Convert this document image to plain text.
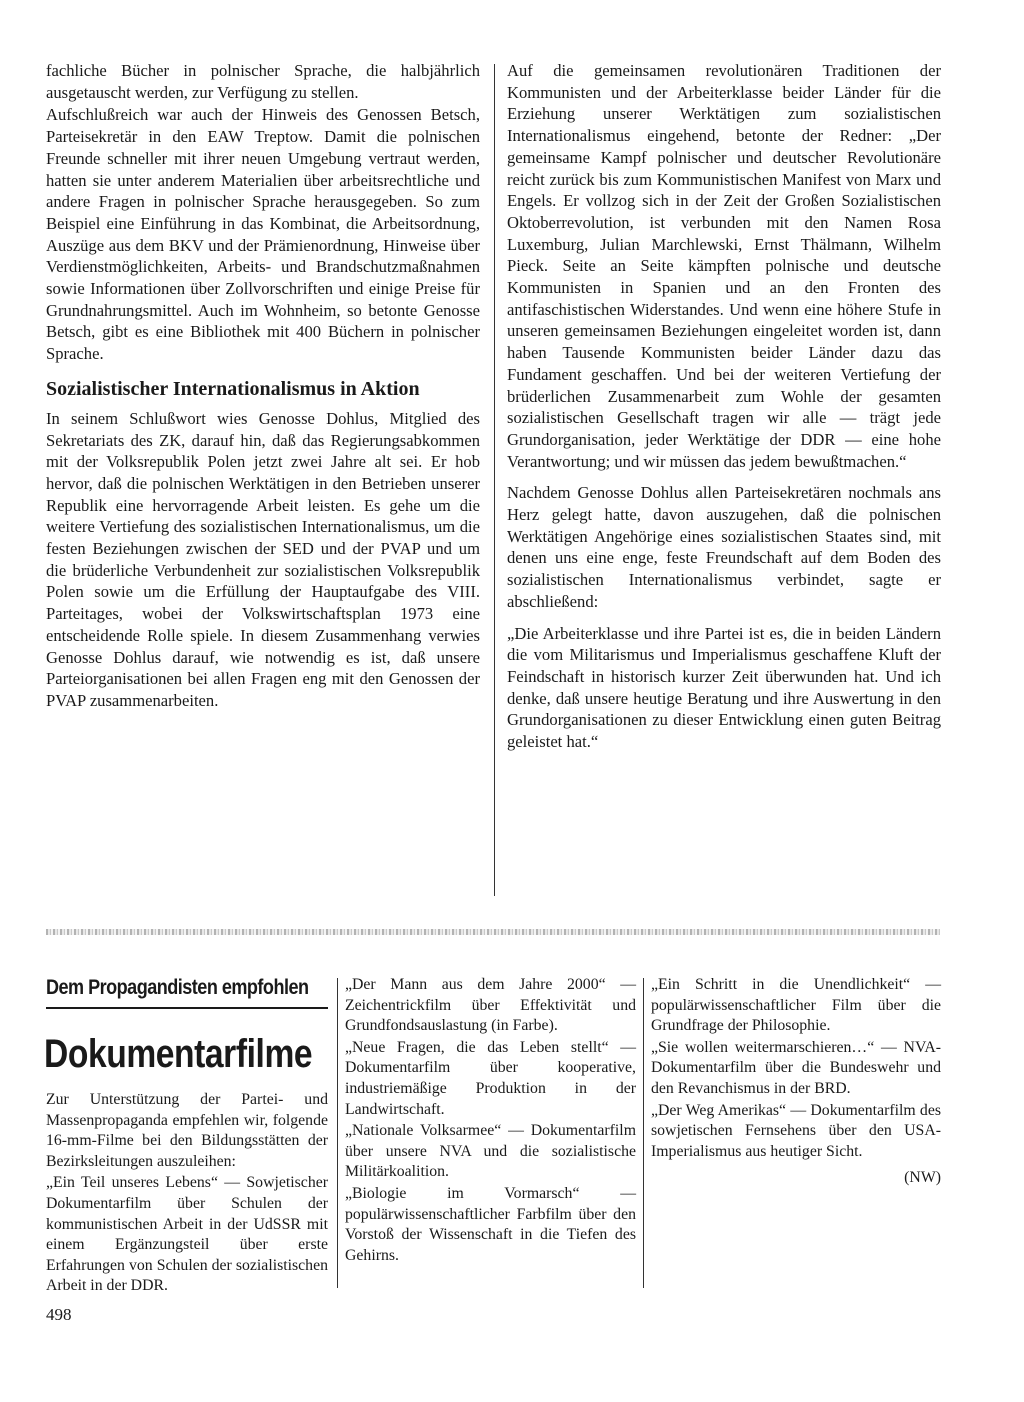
fachliche Bücher in polnischer Sprache, die halbjährlich ausgetauscht werden, zur Verfügung zu stellen.

Aufschlußreich war auch der Hinweis des Genossen Betsch, Parteisekretär in den EAW Treptow. Damit die polnischen Freunde schneller mit ihrer neuen Umgebung vertraut werden, hatten sie unter anderem Materialien über arbeitsrechtliche und andere Fragen in polnischer Sprache herausgegeben. So zum Beispiel eine Einführung in das Kombinat, die Arbeitsordnung, Auszüge aus dem BKV und der Prämienordnung, Hinweise über Verdienstmöglichkeiten, Arbeits- und Brandschutzmaßnahmen sowie Informationen über Zollvorschriften und einige Preise für Grundnahrungsmittel. Auch im Wohnheim, so betonte Genosse Betsch, gibt es eine Bibliothek mit 400 Büchern in polnischer Sprache.

Sozialistischer Internationalismus in Aktion

In seinem Schlußwort wies Genosse Dohlus, Mitglied des Sekretariats des ZK, darauf hin, daß das Regierungsabkommen mit der Volksrepublik Polen jetzt zwei Jahre alt sei. Er hob hervor, daß die polnischen Werktätigen in den Betrieben unserer Republik eine hervorragende Arbeit leisten. Es gehe um die weitere Vertiefung des sozialistischen Internationalismus, um die festen Beziehungen zwischen der SED und der PVAP und um die brüderliche Verbundenheit zur sozialistischen Volksrepublik Polen sowie um die Erfüllung der Hauptaufgabe des VIII. Parteitages, wobei der Volkswirtschaftsplan 1973 eine entscheidende Rolle spiele. In diesem Zusammenhang verwies Genosse Dohlus darauf, wie notwendig es ist, daß unsere Parteiorganisationen bei allen Fragen eng mit den Genossen der PVAP zusammenarbeiten.

Auf die gemeinsamen revolutionären Traditionen der Kommunisten und der Arbeiterklasse beider Länder für die Erziehung unserer Werktätigen zum sozialistischen Internationalismus eingehend, betonte der Redner: „Der gemeinsame Kampf polnischer und deutscher Revolutionäre reicht zurück bis zum Kommunistischen Manifest von Marx und Engels. Er vollzog sich in der Zeit der Großen Sozialistischen Oktoberrevolution, ist verbunden mit den Namen Rosa Luxemburg, Julian Marchlewski, Ernst Thälmann, Wilhelm Pieck. Seite an Seite kämpften polnische und deutsche Kommunisten in Spanien und an den Fronten des antifaschistischen Widerstandes. Und wenn eine höhere Stufe in unseren gemeinsamen Beziehungen eingeleitet worden ist, dann haben Tausende Kommunisten beider Länder dazu das Fundament geschaffen. Und bei der weiteren Vertiefung der brüderlichen Zusammenarbeit zum Wohle der gesamten sozialistischen Gesellschaft tragen wir alle — trägt jede Grundorganisation, jeder Werktätige der DDR — eine hohe Verantwortung; und wir müssen das jedem bewußtmachen.“

Nachdem Genosse Dohlus allen Parteisekretären nochmals ans Herz gelegt hatte, davon auszugehen, daß die polnischen Werktätigen Angehörige eines sozialistischen Staates sind, mit denen uns eine enge, feste Freundschaft auf dem Boden des sozialistischen Internationalismus verbindet, sagte er abschließend:

„Die Arbeiterklasse und ihre Partei ist es, die in beiden Ländern die vom Militarismus und Imperialismus geschaffene Kluft der Feindschaft in historisch kurzer Zeit überwunden hat. Und ich denke, daß unsere heutige Beratung und ihre Auswertung in den Grundorganisationen zu dieser Entwicklung einen guten Beitrag geleistet hat.“

Dem Propagandisten empfohlen
Dokumentarfilme

Zur Unterstützung der Partei- und Massenpropaganda empfehlen wir, folgende 16-mm-Filme bei den Bildungsstätten der Bezirksleitungen auszuleihen:

„Ein Teil unseres Lebens“ — Sowjetischer Dokumentarfilm über Schulen der kommunistischen Arbeit in der UdSSR mit einem Ergänzungsteil über erste Erfahrungen von Schulen der sozialistischen Arbeit in der DDR.

„Der Mann aus dem Jahre 2000“ — Zeichentrickfilm über Effektivität und Grundfondsauslastung (in Farbe).

„Neue Fragen, die das Leben stellt“ — Dokumentarfilm über kooperative, industriemäßige Produktion in der Landwirtschaft.

„Nationale Volksarmee“ — Dokumentarfilm über unsere NVA und die sozialistische Militärkoalition.

„Biologie im Vormarsch“ — populärwissenschaftlicher Farbfilm über den Vorstoß der Wissenschaft in die Tiefen des Gehirns.

„Ein Schritt in die Unendlichkeit“ — populärwissenschaftlicher Film über die Grundfrage der Philosophie.

„Sie wollen weitermarschieren…“ — NVA-Dokumentarfilm über die Bundeswehr und den Revanchismus in der BRD.

„Der Weg Amerikas“ — Dokumentarfilm des sowjetischen Fernsehens über den USA-Imperialismus aus heutiger Sicht.

(NW)

498
